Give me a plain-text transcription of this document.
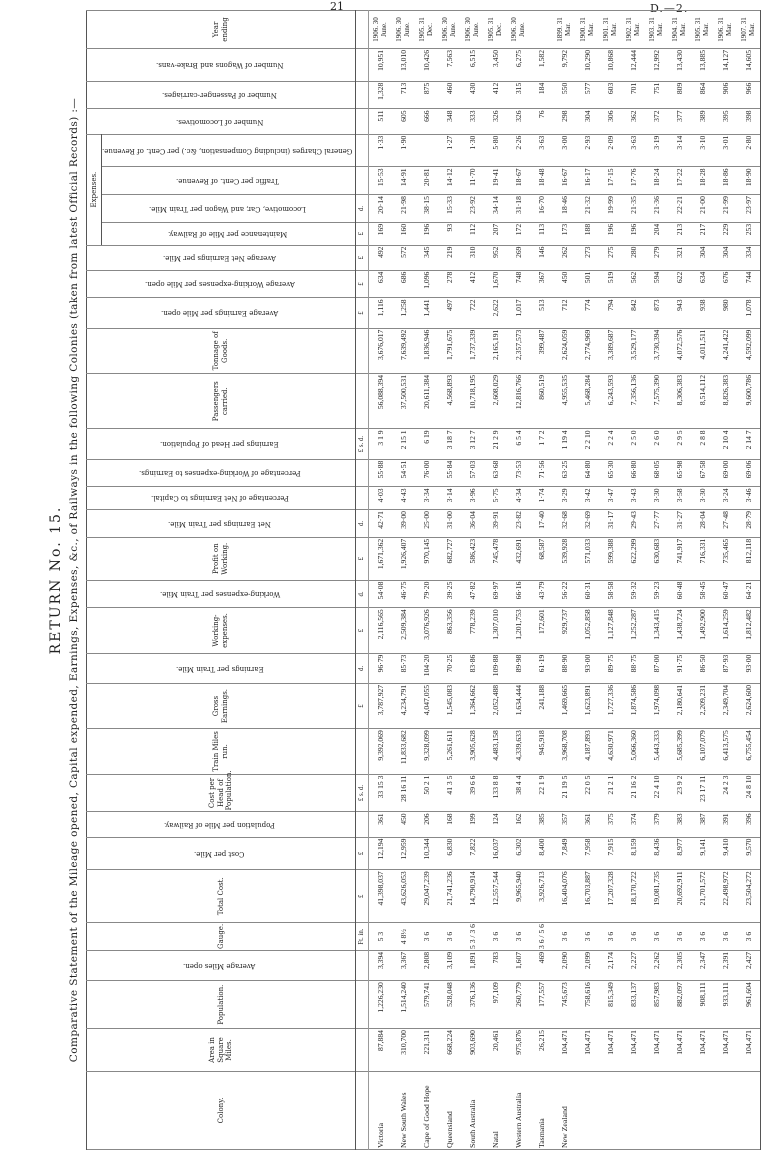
21	D.—2.
RETURN No. 15. Comparative Statement of the Mileage opened, Capital expended, Earnings, Expenses, &c., of Railways in the following Colonies (taken from latest Official Records) :—
Colony.	Area in Square Miles.	Population.	Average Miles open.	Gauge.	Total Cost.	Cost per Mile.	Population per Mile of Railway.	Cost per Head of Population.	Train Miles run.	Gross Earnings.	Earnings per Train Mile.	Working-expenses.	Working-expenses per Train Mile.	Profit on Working.	Net Earnings per Train Mile.	Percentage of Net Earnings to Capital.	Percentage of Working-expenses to Earnings.	Earnings per Head of Population.	Passengers carried.	Tonnage of Goods.	Average Earnings per Mile open.	Average Working-expenses per Mile open.	Average Net Earnings per Mile.	Expenses.				Number of Locomotives.	Number of Passenger-carriages.	Number of Wagons and Brake-vans.	Year ending
																								Maintenance per Mile of Railway.	Locomotive, Car, and Wagon per Train Mile.	Traffic per Cent. of Revenue.	General Charges (including Compensation, &c.) per Cent. of Revenue.				
				Ft. in.	£	£		£ s. d.		£	d.	£	d.	£	d.			£ s. d.			£	£	£	£	d.						
Victoria	87,884	1,226,230	3,394	5 3	41,398,037	12,194	361	33 15 3	9,392,069	3,787,927	96·79	2,116,565	54·08	1,671,362	42·71	4·03	55·88	3 1 9	56,088,394	3,676,017	1,116	634	492	169	20·14	15·53	1·33	511	1,328	10,951	1906. 30 June.
New South Wales	310,700	1,514,240	3,367	4 8½	43,626,053	12,959	450	28 16 11	11,833,682	4,234,791	85·73	2,509,384	46·75	1,926,407	39·00	4·43	54·51	2 15 1	37,500,531	7,639,492	1,258	686	572	160	21·98	14·91	1·90	605	713	13,010	1906. 30 June.
Cape of Good Hope	221,311	579,741	2,808	3 6	29,047,239	10,344	206	50 2 1	9,328,099	4,047,055	104·20	3,076,926	79·20	970,145	25·00	3·34	76·00	6 19	20,611,384	1,836,946	1,441	1,096	345	196	38·15	20·81		666	875	10,426	1905. 31 Dec.
Queensland	668,224	528,048	3,109	3 6	21,741,236	6,830	168	41 3 5	5,261,611	1,545,083	70·25	863,356	39·25	682,727	31·00	3·14	55·84	3 18 7	4,568,893	1,791,675	497	278	219	93	15·33	14·12	1·27	348	460	7,563	1906. 30 June.
South Australia	903,690	376,136	1,891	5 3 / 3 6	14,790,914	7,822	199	39 6 6	3,905,628	1,364,662	83·86	778,239	47·82	586,423	36·04	3·96	57·03	3 12 7	10,718,195	1,737,339	722	412	310	112	23·92	11·70	1·30	333	430	6,515	1906. 30 June.
Natal	20,461	97,109	783	3 6	12,557,544	16,037	124	133 8 8	4,483,158	2,052,488	109·88	1,307,010	69·97	745,478	39·91	5·75	63·68	21 2 9	2,608,029	2,165,191	2,622	1,670	952	207	34·14	19·41	5·80	326	412	3,450	1905. 31 Dec.
Western Australia	975,876	260,779	1,607	3 6	9,965,940	6,302	162	38 4 4	4,339,633	1,634,444	89·98	1,201,753	66·16	432,691	23·82	4·34	73·53	6 5 4	12,816,766	2,357,573	1,017	748	269	172	31·18	18·67	2·26	326	315	6,275	1906. 30 June.
Tasmania	26,215	177,557	469	3 6 / 5 6	3,926,713	8,400	385	22 1 9	945,918	241,188	61·19	172,601	43·79	68,587	17·40	1·74	71·56	1 7 2	860,519	399,487	513	367	146	113	16·70	18·48	3·63	76	184	1,582	
New Zealand	104,471	745,673	2,090	3 6	16,404,076	7,849	357	21 19 5	3,968,708	1,469,665	88·90	929,737	56·22	539,928	32·68	3·29	63·25	1 19 4	4,955,535	2,624,059	712	450	262	173	18·46	16·67	3·00	298	550	9,792	1899. 31 Mar.
	104,471	758,616	2,099	3 6	16,703,887	7,958	361	22 0 5	4,187,893	1,623,891	93·00	1,052,858	60·31	571,033	32·69	3·42	64·80	2 2 10	5,468,284	2,774,969	774	501	273	188	21·32	16·17	2·93	304	577	10,290	1900. 31 Mar.
	104,471	815,349	2,174	3 6	17,207,328	7,915	375	21 2 1	4,630,971	1,727,336	89·75	1,127,848	58·58	599,388	31·17	3·47	65·30	2 2 4	6,243,593	3,389,687	794	519	275	196	19·99	17·15	2·09	306	603	10,868	1901. 31 Mar.
	104,471	833,137	2,227	3 6	18,170,722	8,159	374	21 16 2	5,066,360	1,874,586	88·75	1,252,287	59·32	622,299	29·43	3·43	66·80	2 5 0	7,356,136	3,529,177	842	562	280	196	21·35	17·76	3·63	362	701	12,444	1902. 31 Mar.
	104,471	857,983	2,262	3 6	19,081,735	8,436	379	22 4 10	5,443,333	1,974,098	87·00	1,343,415	59·23	630,683	27·77	3·30	68·05	2 6 0	7,575,390	3,730,394	873	594	279	204	21·36	18·24	3·19	372	751	12,992	1903. 31 Mar.
	104,471	882,097	2,305	3 6	20,692,911	8,977	383	23 9 2	5,685,399	2,180,641	91·75	1,438,724	60·48	741,917	31·27	3·58	65·98	2 9 5	8,306,383	4,072,576	943	622	321	213	22·21	17·22	3·14	377	809	13,430	1904. 31 Mar.
	104,471	908,111	2,347	3 6	21,701,572	9,141	387	23 17 11	6,107,079	2,209,231	86·50	1,492,900	58·45	716,331	28·04	3·30	67·58	2 8 8	8,514,112	4,011,511	938	634	304	217	21·00	18·28	3·10	389	864	13,885	1905. 31 Mar.
	104,471	933,111	2,391	3 6	22,498,972	9,410	391	24 2 3	6,413,575	2,349,704	87·93	1,614,259	60·47	735,465	27·48	3·24	69·00	2 10 4	8,826,383	4,241,422	980	676	304	229	21·99	18·86	3·01	395	906	14,127	1906. 31 Mar.
	104,471	961,604	2,427	3 6	23,504,272	9,570	396	24 8 10	6,755,454	2,624,600	93·00	1,812,482	64·21	812,118	28·79	3·46	69·06	2 14 7	9,600,786	4,592,099	1,078	744	334	253	23·97	18·90	2·80	398	966	14,605	1907. 31 Mar.
